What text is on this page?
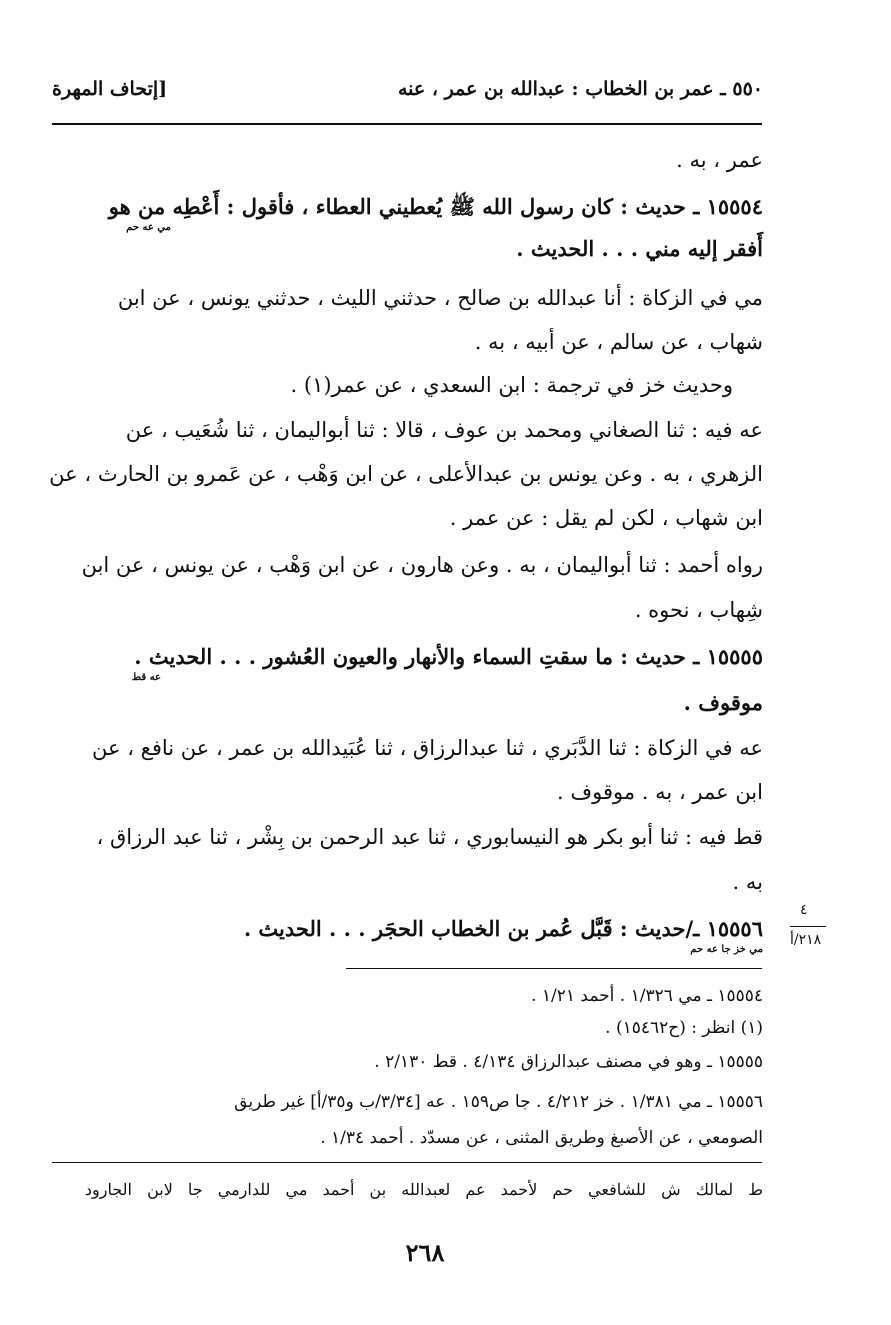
٥٥٠ ـ عمر بن الخطاب : عبدالله بن عمر ، عنه
[إتحاف المهرة
عمر ، به .
١٥٥٥٤ ـ حديث : كان رسول الله ﷺ يُعطيني العطاء ، فأقول : أَعْطِه من هو
مي عه حم
أَفقر إليه مني . . . الحديث .
مي في الزكاة : أنا عبدالله بن صالح ، حدثني الليث ، حدثني يونس ، عن ابن
شهاب ، عن سالم ، عن أبيه ، به .
وحديث خز في ترجمة : ابن السعدي ، عن عمر(١) .
عه فيه : ثنا الصغاني ومحمد بن عوف ، قالا : ثنا أبواليمان ، ثنا شُعَيب ، عن
الزهري ، به . وعن يونس بن عبدالأعلى ، عن ابن وَهْب ، عن عَمرو بن الحارث ، عن
ابن شهاب ، لكن لم يقل : عن عمر .
رواه أحمد : ثنا أبواليمان ، به . وعن هارون ، عن ابن وَهْب ، عن يونس ، عن ابن
شِهاب ، نحوه .
١٥٥٥٥ ـ حديث : ما سقتِ السماء والأنهار والعيون العُشور . . . الحديث .
عه قط
موقوف .
عه في الزكاة : ثنا الدَّبَري ، ثنا عبدالرزاق ، ثنا عُبَيدالله بن عمر ، عن نافع ، عن
ابن عمر ، به . موقوف .
قط فيه : ثنا أبو بكر هو النيسابوري ، ثنا عبد الرحمن بن بِشْر ، ثنا عبد الرزاق ،
به .
١٥٥٥٦ ـ/حديث : قَبَّل عُمر بن الخطاب الحجَر . . . الحديث .
مي خز جا عه حم
٤
٢١٨/أ
١٥٥٥٤ ـ مي ١/٣٢٦ . أحمد ١/٢١ .
(١) انظر : (ح١٥٤٦٢) .
١٥٥٥٥ ـ وهو في مصنف عبدالرزاق ٤/١٣٤ . قط ٢/١٣٠ .
١٥٥٥٦ ـ مي ١/٣٨١ . خز ٤/٢١٢ . جا ص١٥٩ . عه [٣/٣٤/ب و٣٥/أ] غير طريق
الصومعي ، عن الأصبغ وطريق المثنى ، عن مسدّد . أحمد ١/٣٤ .
ط لمالك ش للشافعي حم لأحمد عم لعبدالله بن أحمد مي للدارمي جا لابن الجارود
٢٦٨
